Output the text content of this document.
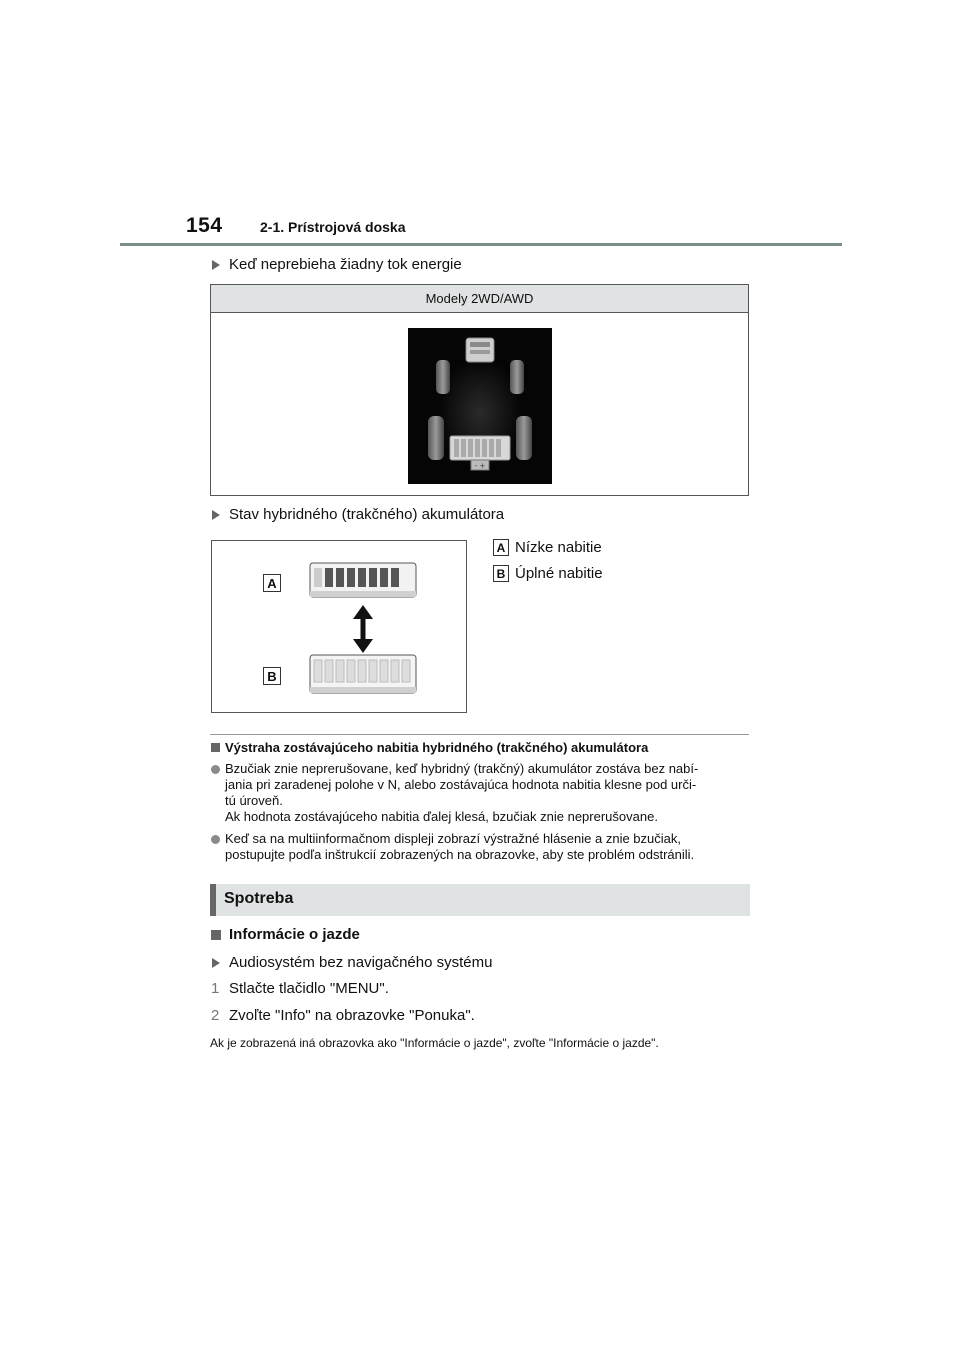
154	2-1. Prístrojová doska
Keď neprebieha žiadny tok energie
Modely 2WD/AWD
- +
Stav hybridného (trakčného) akumulátora
A
B
A Nízke nabitie
B Úplné nabitie
Výstraha zostávajúceho nabitia hybridného (trakčného) akumulátora
Bzučiak znie neprerušovane, keď hybridný (trakčný) akumulátor zostáva bez nabí-
jania pri zaradenej polohe v N, alebo zostávajúca hodnota nabitia klesne pod urči-
tú úroveň.
Ak hodnota zostávajúceho nabitia ďalej klesá, bzučiak znie neprerušovane.
Keď sa na multiinformačnom displeji zobrazí výstražné hlásenie a znie bzučiak,
postupujte podľa inštrukcií zobrazených na obrazovke, aby ste problém odstránili.
Spotreba
Informácie o jazde
Audiosystém bez navigačného systému
1 Stlačte tlačidlo "MENU".
2 Zvoľte "Info" na obrazovke "Ponuka".
Ak je zobrazená iná obrazovka ako "Informácie o jazde", zvoľte "Informácie o jazde".
